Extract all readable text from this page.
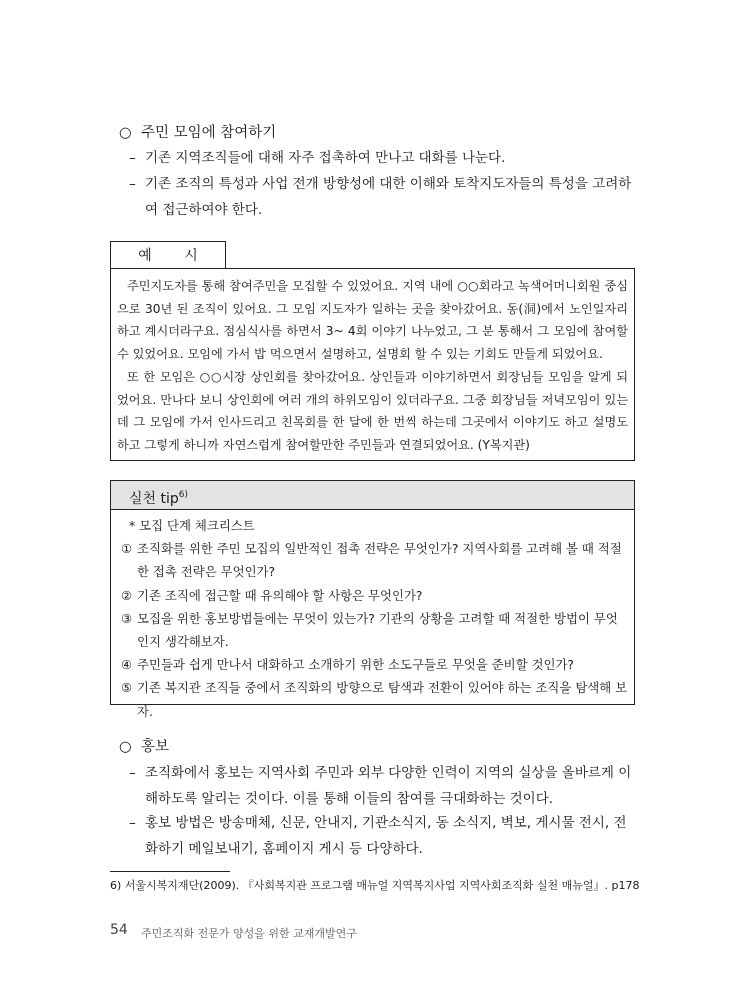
○ 주민 모임에 참여하기
– 기존 지역조직들에 대해 자주 접촉하여 만나고 대화를 나눈다.
– 기존 조직의 특성과 사업 전개 방향성에 대한 이해와 토착지도자들의 특성을 고려하여 접근하여야 한다.
예 시

주민지도자를 통해 참여주민을 모집할 수 있었어요. 지역 내에 ○○회라고 녹색어머니회원 중심으로 30년 된 조직이 있어요. 그 모임 지도자가 일하는 곳을 찾아갔어요. 동(洞)에서 노인일자리하고 계시더라구요. 점심식사를 하면서 3~ 4회 이야기 나누었고, 그 분 통해서 그 모임에 참여할 수 있었어요. 모임에 가서 밥 먹으면서 설명하고, 설명회 할 수 있는 기회도 만들게 되었어요.

또 한 모임은 ○○시장 상인회를 찾아갔어요. 상인들과 이야기하면서 회장님들 모임을 알게 되었어요. 만나다 보니 상인회에 여러 개의 하위모임이 있더라구요. 그중 회장님들 저녁모임이 있는데 그 모임에 가서 인사드리고 친목회를 한 달에 한 번씩 하는데 그곳에서 이야기도 하고 설명도 하고 그렇게 하니까 자연스럽게 참여할만한 주민들과 연결되었어요. (Y복지관)

실천 tip$^{6)}$
* 모집 단계 체크리스트
① 조직화를 위한 주민 모집의 일반적인 접촉 전략은 무엇인가? 지역사회를 고려해 볼 때 적절한 접촉 전략은 무엇인가?
② 기존 조직에 접근할 때 유의해야 할 사항은 무엇인가?
③ 모집을 위한 홍보방법들에는 무엇이 있는가? 기관의 상황을 고려할 때 적절한 방법이 무엇인지 생각해보자.
④ 주민들과 쉽게 만나서 대화하고 소개하기 위한 소도구들로 무엇을 준비할 것인가?
⑤ 기존 복지관 조직들 중에서 조직화의 방향으로 탐색과 전환이 있어야 하는 조직을 탐색해 보자.
○ 홍보
– 조직화에서 홍보는 지역사회 주민과 외부 다양한 인력이 지역의 실상을 올바르게 이해하도록 알리는 것이다. 이를 통해 이들의 참여를 극대화하는 것이다.
– 홍보 방법은 방송매체, 신문, 안내지, 기관소식지, 동 소식지, 벽보, 게시물 전시, 전화하기 메일보내기, 홈페이지 게시 등 다양하다.
6) 서울시복지재단(2009). 『사회복지관 프로그램 매뉴얼 지역복지사업 지역사회조직화 실천 매뉴얼』. p178
54 주민조직화 전문가 양성을 위한 교재개발연구
